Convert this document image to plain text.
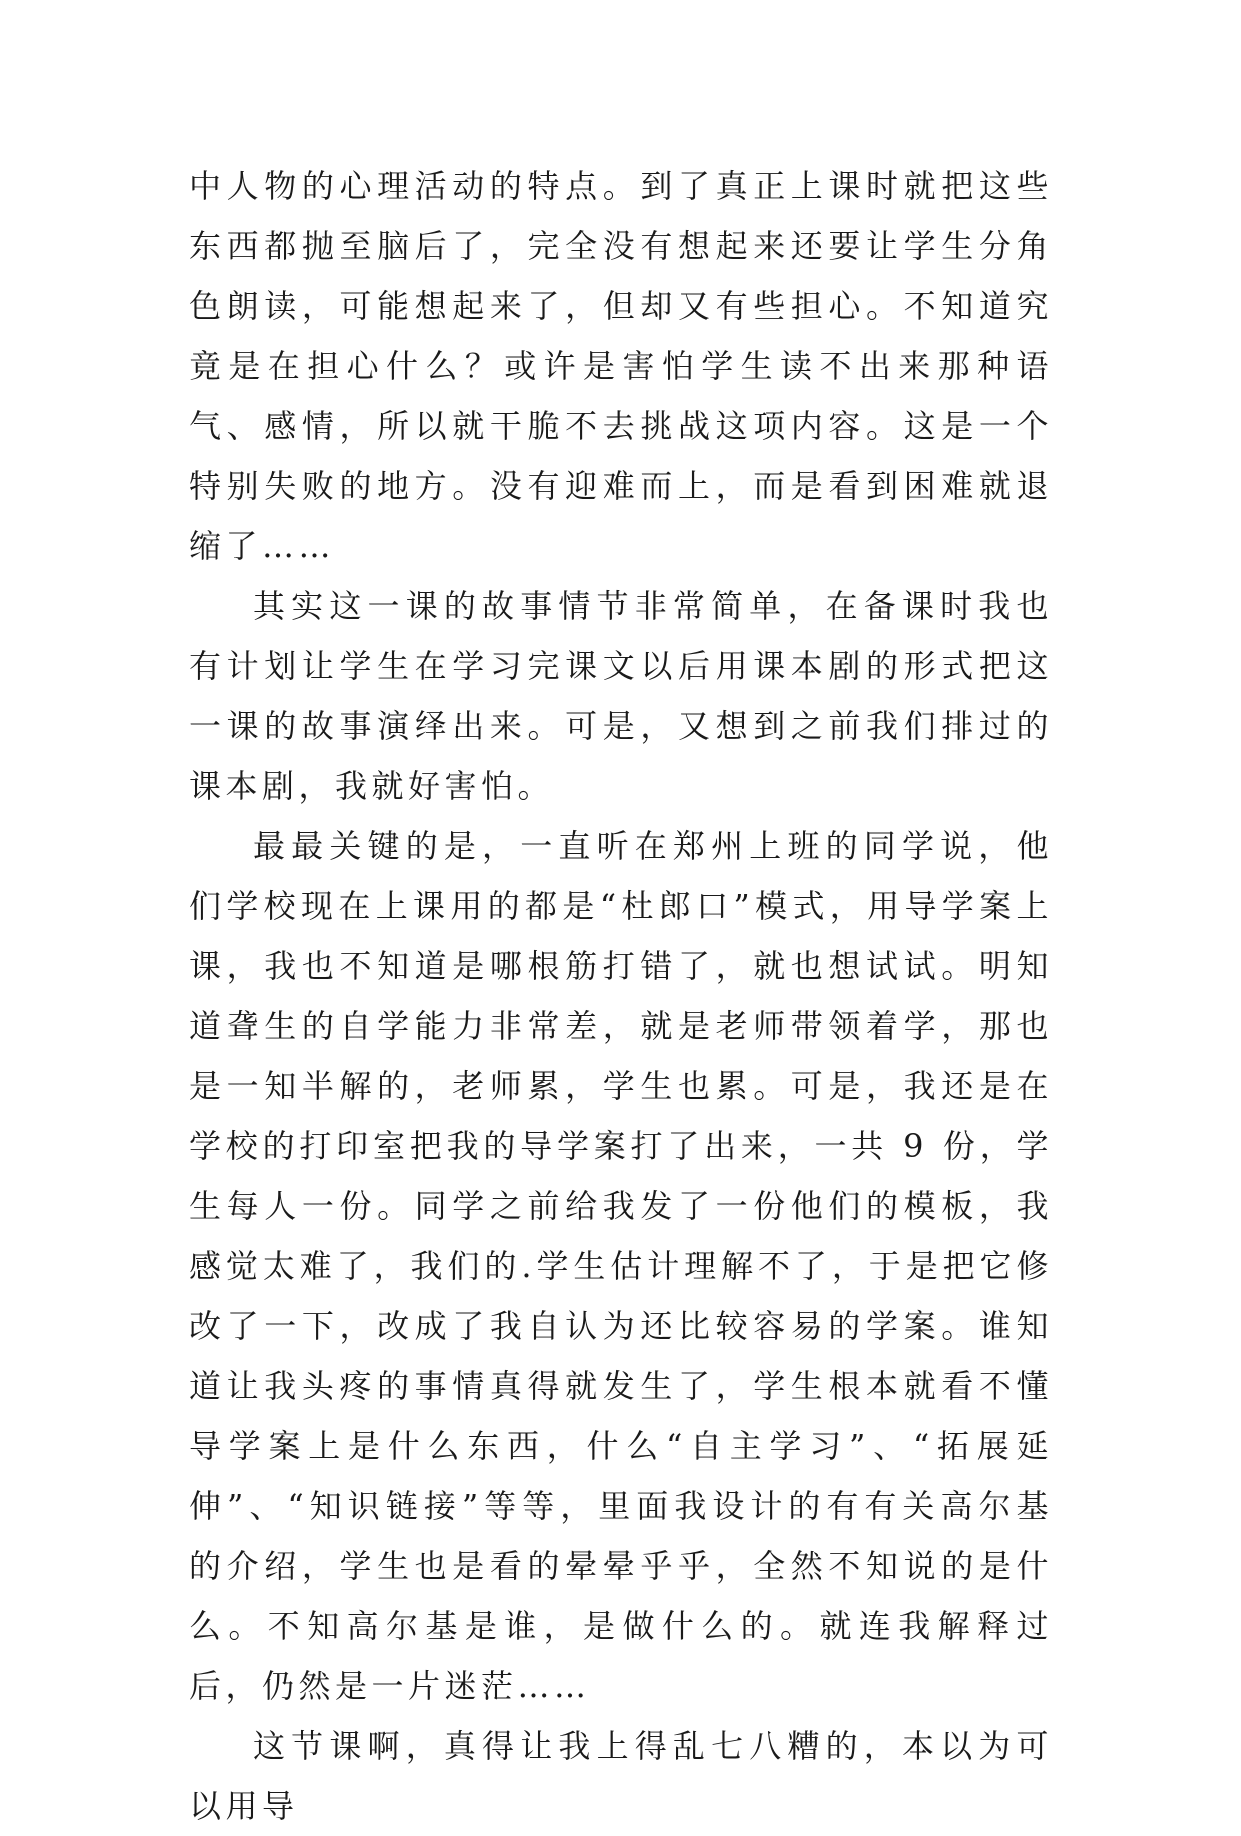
中人物的心理活动的特点。到了真正上课时就把这些东西都抛至脑后了，完全没有想起来还要让学生分角色朗读，可能想起来了，但却又有些担心。不知道究竟是在担心什么？或许是害怕学生读不出来那种语气、感情，所以就干脆不去挑战这项内容。这是一个特别失败的地方。没有迎难而上，而是看到困难就退缩了……

其实这一课的故事情节非常简单，在备课时我也有计划让学生在学习完课文以后用课本剧的形式把这一课的故事演绎出来。可是，又想到之前我们排过的课本剧，我就好害怕。

最最关键的是，一直听在郑州上班的同学说，他们学校现在上课用的都是“杜郎口”模式，用导学案上课，我也不知道是哪根筋打错了，就也想试试。明知道聋生的自学能力非常差，就是老师带领着学，那也是一知半解的，老师累，学生也累。可是，我还是在学校的打印室把我的导学案打了出来，一共 9 份，学生每人一份。同学之前给我发了一份他们的模板，我感觉太难了，我们的.学生估计理解不了，于是把它修改了一下，改成了我自认为还比较容易的学案。谁知道让我头疼的事情真得就发生了，学生根本就看不懂导学案上是什么东西，什么“自主学习”、“拓展延伸”、“知识链接”等等，里面我设计的有有关高尔基的介绍，学生也是看的晕晕乎乎，全然不知说的是什么。不知高尔基是谁，是做什么的。就连我解释过后，仍然是一片迷茫……

这节课啊，真得让我上得乱七八糟的，本以为可以用导
